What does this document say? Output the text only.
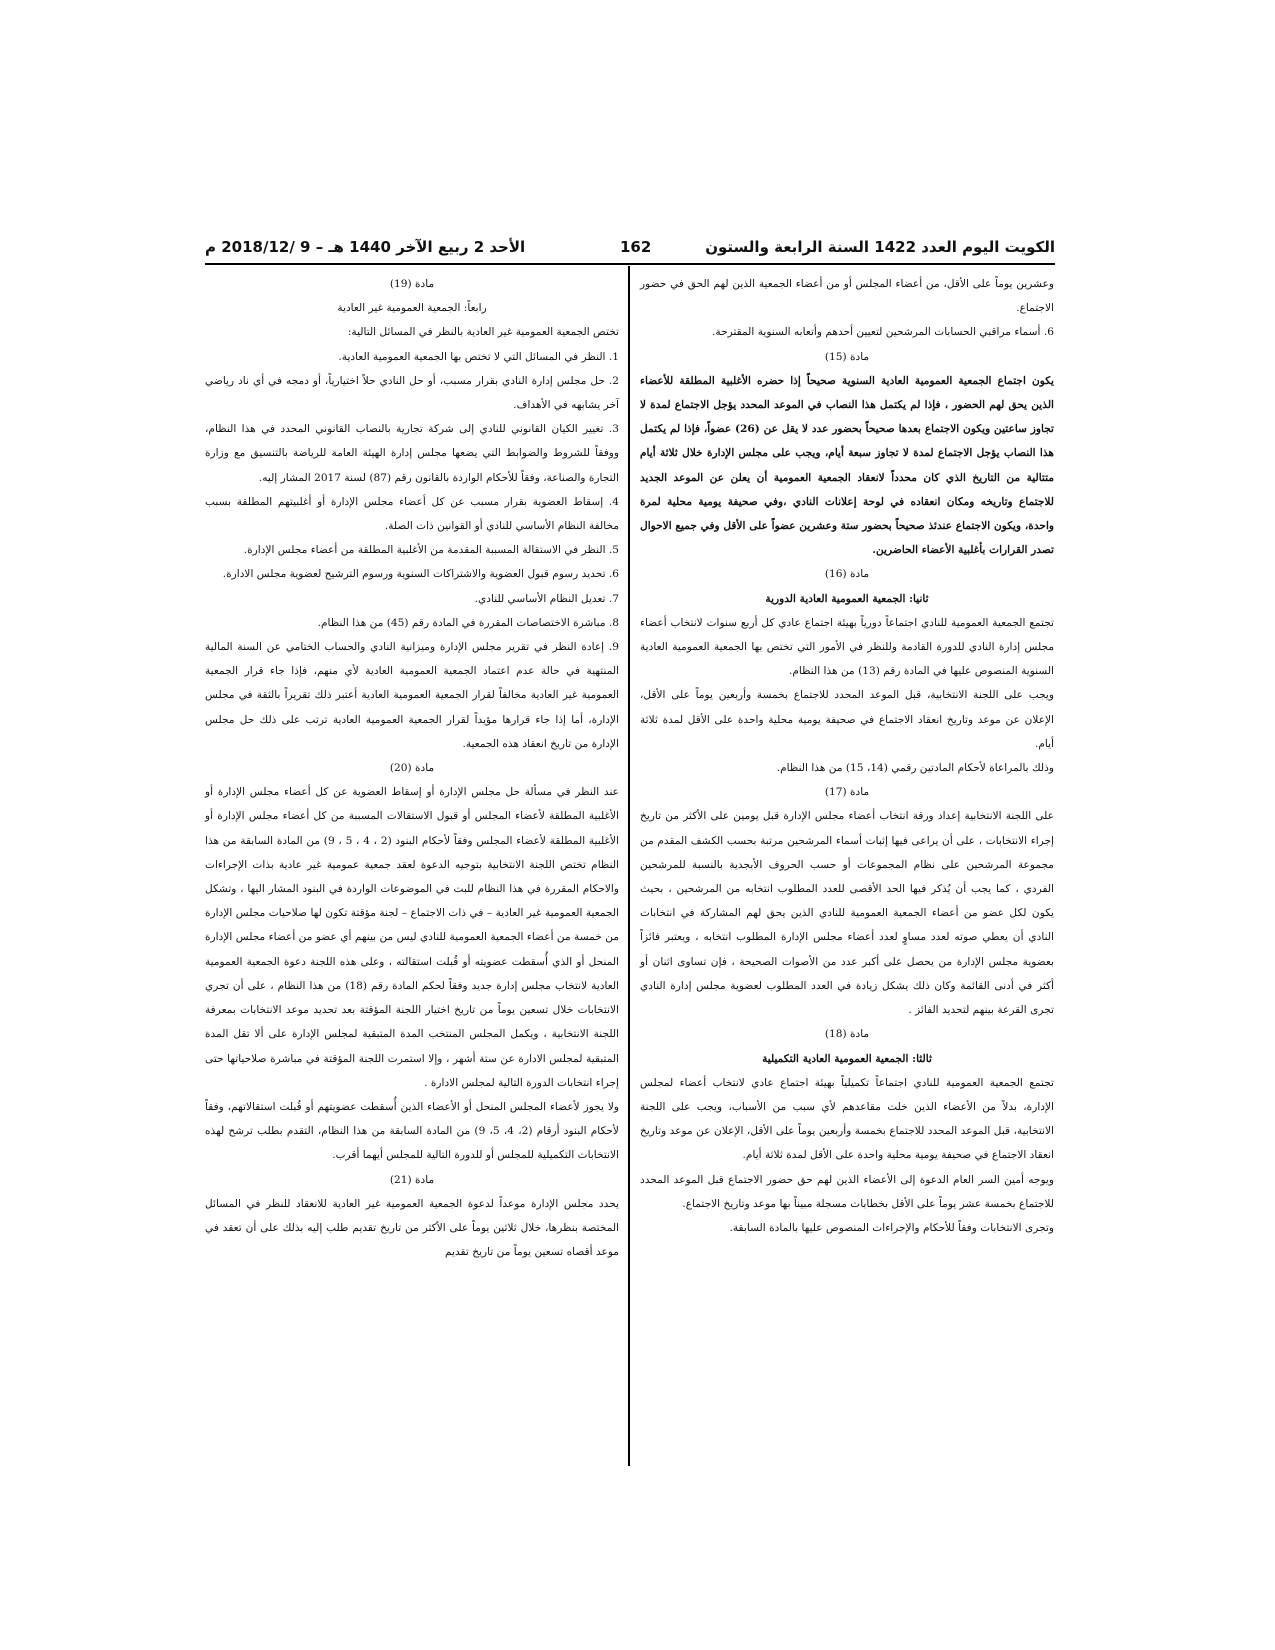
الكويت اليوم العدد 1422 السنة الرابعة والستون
162
الأحد 2 ربيع الآخر 1440 هـ – 9 /2018/12 م

وعشرين يوماً على الأقل، من أعضاء المجلس أو من أعضاء الجمعية الذين لهم الحق في حضور الاجتماع.

6. أسماء مراقبي الحسابات المرشحين لتعيين أحدهم وأتعابه السنوية المقترحة.

مادة (15)

يكون اجتماع الجمعية العمومية العادية السنوية صحيحاً إذا حضره الأغلبية المطلقة للأعضاء الذين يحق لهم الحضور ، فإذا لم يكتمل هذا النصاب في الموعد المحدد يؤجل الاجتماع لمدة لا تجاوز ساعتين ويكون الاجتماع بعدها صحيحاً بحضور عدد لا يقل عن (26) عضواً، فإذا لم يكتمل هذا النصاب يؤجل الاجتماع لمدة لا تجاوز سبعة أيام، ويجب على مجلس الإدارة خلال ثلاثة أيام متتالية من التاريخ الذي كان محدداً لانعقاد الجمعية العمومية أن يعلن عن الموعد الجديد للاجتماع وتاريخه ومكان انعقاده في لوحة إعلانات النادي ،وفي صحيفة يومية محلية لمرة واحدة، ويكون الاجتماع عندئذ صحيحاً بحضور ستة وعشرين عضواً على الأقل وفي جميع الاحوال تصدر القرارات بأغلبية الأعضاء الحاضرين.

مادة (16)

ثانيا: الجمعية العمومية العادية الدورية

تجتمع الجمعية العمومية للنادي اجتماعاً دورياً بهيئة اجتماع عادي كل أربع سنوات لانتخاب أعضاء مجلس إدارة النادي للدورة القادمة وللنظر في الأمور التي تختص بها الجمعية العمومية العادية السنوية المنصوص عليها في المادة رقم (13) من هذا النظام.

ويجب على اللجنة الانتخابية، قبل الموعد المحدد للاجتماع بخمسة وأربعين يوماً على الأقل، الإعلان عن موعد وتاريخ انعقاد الاجتماع في صحيفة يومية محلية واحدة على الأقل لمدة ثلاثة أيام.

وذلك بالمراعاة لأحكام المادتين رقمي (14، 15) من هذا النظام.

مادة (17)

على اللجنة الانتخابية إعداد ورقة انتخاب أعضاء مجلس الإدارة قبل يومين على الأكثر من تاريخ إجراء الانتخابات ، على أن يراعى فيها إثبات أسماء المرشحين مرتبة بحسب الكشف المقدم من مجموعة المرشحين على نظام المجموعات أو حسب الحروف الأبجدية بالنسبة للمرشحين الفردي ، كما يجب أن يُذكر فيها الحد الأقصى للعدد المطلوب انتخابه من المرشحين ، بحيث يكون لكل عضو من أعضاء الجمعية العمومية للنادي الذين يحق لهم المشاركة في انتخابات النادي أن يعطي صوته لعدد مساوٍ لعدد أعضاء مجلس الإدارة المطلوب انتخابه ، ويعتبر فائزاً بعضوية مجلس الإدارة من يحصل على أكبر عدد من الأصوات الصحيحة ، فإن تساوى اثنان أو أكثر في أدنى القائمة وكان ذلك يشكل زيادة في العدد المطلوب لعضوية مجلس إدارة النادي تجرى القرعة بينهم لتحديد الفائز .

مادة (18)

ثالثا: الجمعية العمومية العادية التكميلية

تجتمع الجمعية العمومية للنادي اجتماعاً تكميلياً بهيئة اجتماع عادي لانتخاب أعضاء لمجلس الإدارة، بدلاً من الأعضاء الذين خلت مقاعدهم لأي سبب من الأسباب، ويجب على اللجنة الانتخابية، قبل الموعد المحدد للاجتماع بخمسة وأربعين يوماً على الأقل، الإعلان عن موعد وتاريخ انعقاد الاجتماع في صحيفة يومية محلية واحدة على الأقل لمدة ثلاثة أيام.

ويوجه أمين السر العام الدعوة إلى الأعضاء الذين لهم حق حضور الاجتماع قبل الموعد المحدد للاجتماع بخمسة عشر يوماً على الأقل بخطابات مسجلة مبيناً بها موعد وتاريخ الاجتماع.

وتجرى الانتخابات وفقاً للأحكام والإجراءات المنصوص عليها بالمادة السابقة.

مادة (19)

رابعاً: الجمعية العمومية غير العادية

تختص الجمعية العمومية غير العادية بالنظر في المسائل التالية:

1. النظر في المسائل التي لا تختص بها الجمعية العمومية العادية.

2. حل مجلس إدارة النادي بقرار مسبب، أو حل النادي حلاً اختيارياً، أو دمجه في أي ناد رياضي آخر يشابهه في الأهداف.

3. تغيير الكيان القانوني للنادي إلى شركة تجارية بالنصاب القانوني المحدد في هذا النظام، ووفقاً للشروط والضوابط التي يضعها مجلس إدارة الهيئة العامة للرياضة بالتنسيق مع وزارة التجارة والصناعة، وفقاً للأحكام الواردة بالقانون رقم (87) لسنة 2017 المشار إليه.

4. إسقاط العضوية بقرار مسبب عن كل أعضاء مجلس الإدارة أو أغلبيتهم المطلقة بسبب مخالفة النظام الأساسي للنادي أو القوانين ذات الصلة.

5. النظر في الاستقالة المسببة المقدمة من الأغلبية المطلقة من أعضاء مجلس الإدارة.

6. تحديد رسوم قبول العضوية والاشتراكات السنوية ورسوم الترشيح لعضوية مجلس الادارة.

7. تعديل النظام الأساسي للنادي.

8. مباشرة الاختصاصات المقررة في المادة رقم (45) من هذا النظام.

9. إعادة النظر في تقرير مجلس الإدارة وميزانية النادي والحساب الختامي عن السنة المالية المنتهية في حالة عدم اعتماد الجمعية العمومية العادية لأي منهم، فإذا جاء قرار الجمعية العمومية غير العادية مخالفاً لقرار الجمعية العمومية العادية أعتبر ذلك تقريراً بالثقة في مجلس الإدارة، أما إذا جاء قرارها مؤيداً لقرار الجمعية العمومية العادية ترتب على ذلك حل مجلس الإدارة من تاريخ انعقاد هذه الجمعية.

مادة (20)

عند النظر في مسألة حل مجلس الإدارة أو إسقاط العضوية عن كل أعضاء مجلس الإدارة أو الأغلبية المطلقة لأعضاء المجلس أو قبول الاستقالات المسببة من كل أعضاء مجلس الإدارة أو الأغلبية المطلقة لأعضاء المجلس وفقاً لأحكام البنود (2 ، 4 ، 5 ، 9) من المادة السابقة من هذا النظام تختص اللجنة الانتخابية بتوجيه الدعوة لعقد جمعية عمومية غير عادية بذات الإجراءات والاحكام المقررة في هذا النظام للبت في الموضوعات الواردة في البنود المشار اليها ، وتشكل الجمعية العمومية غير العادية – في ذات الاجتماع – لجنة مؤقتة تكون لها صلاحيات مجلس الإدارة من خمسة من أعضاء الجمعية العمومية للنادي ليس من بينهم أي عضو من أعضاء مجلس الإدارة المنحل أو الذي أُسقطت عضويته أو قُبلت استقالته ، وعلى هذه اللجنة دعوة الجمعية العمومية العادية لانتخاب مجلس إدارة جديد وفقاً لحكم المادة رقم (18) من هذا النظام ، على أن تجري الانتخابات خلال تسعين يوماً من تاريخ اختيار اللجنة المؤقتة بعد تحديد موعد الانتخابات بمعرفة اللجنة الانتخابية ، ويكمل المجلس المنتخب المدة المتبقية لمجلس الإدارة على ألا تقل المدة المتبقية لمجلس الادارة عن ستة أشهر ، وإلا استمرت اللجنة المؤقتة في مباشرة صلاحياتها حتى إجراء انتخابات الدورة التالية لمجلس الادارة .

ولا يجوز لأعضاء المجلس المنحل أو الأعضاء الذين أُسقطت عضويتهم أو قُبلت استقالاتهم، وفقاً لأحكام البنود أرقام (2، 4، 5، 9) من المادة السابقة من هذا النظام، التقدم بطلب ترشح لهذه الانتخابات التكميلية للمجلس أو للدورة التالية للمجلس أيهما أقرب.

مادة (21)

يحدد مجلس الإدارة موعداً لدعوة الجمعية العمومية غير العادية للانعقاد للنظر في المسائل المختصة بنظرها، خلال ثلاثين يوماً على الأكثر من تاريخ تقديم طلب إليه بذلك على أن تعقد في موعد أقصاه تسعين يوماً من تاريخ تقديم
